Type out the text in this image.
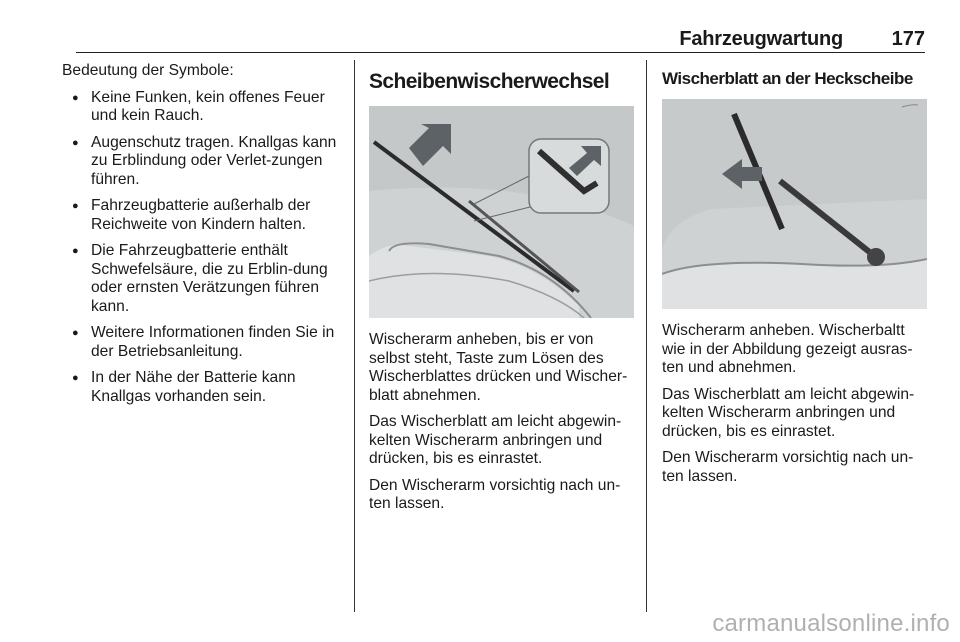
Fahrzeugwartung 177

Bedeutung der Symbole:

● Keine Funken, kein offenes Feuer und kein Rauch.
● Augenschutz tragen. Knallgas kann zu Erblindung oder Verlet-zungen führen.
● Fahrzeugbatterie außerhalb der Reichweite von Kindern halten.
● Die Fahrzeugbatterie enthält Schwefelsäure, die zu Erblin-dung oder ernsten Verätzungen führen kann.
● Weitere Informationen finden Sie in der Betriebsanleitung.
● In der Nähe der Batterie kann Knallgas vorhanden sein.
Scheibenwischerwechsel

Wischerarm anheben, bis er von selbst steht, Taste zum Lösen des Wischerblattes drücken und Wischer-blatt abnehmen.

Das Wischerblatt am leicht abgewin-kelten Wischerarm anbringen und drücken, bis es einrastet.

Den Wischerarm vorsichtig nach un-ten lassen.

Wischerblatt an der Heckscheibe

Wischerarm anheben. Wischerbaltt wie in der Abbildung gezeigt ausras-ten und abnehmen.

Das Wischerblatt am leicht abgewin-kelten Wischerarm anbringen und drücken, bis es einrastet.

Den Wischerarm vorsichtig nach un-ten lassen.

carmanualsonline.info
